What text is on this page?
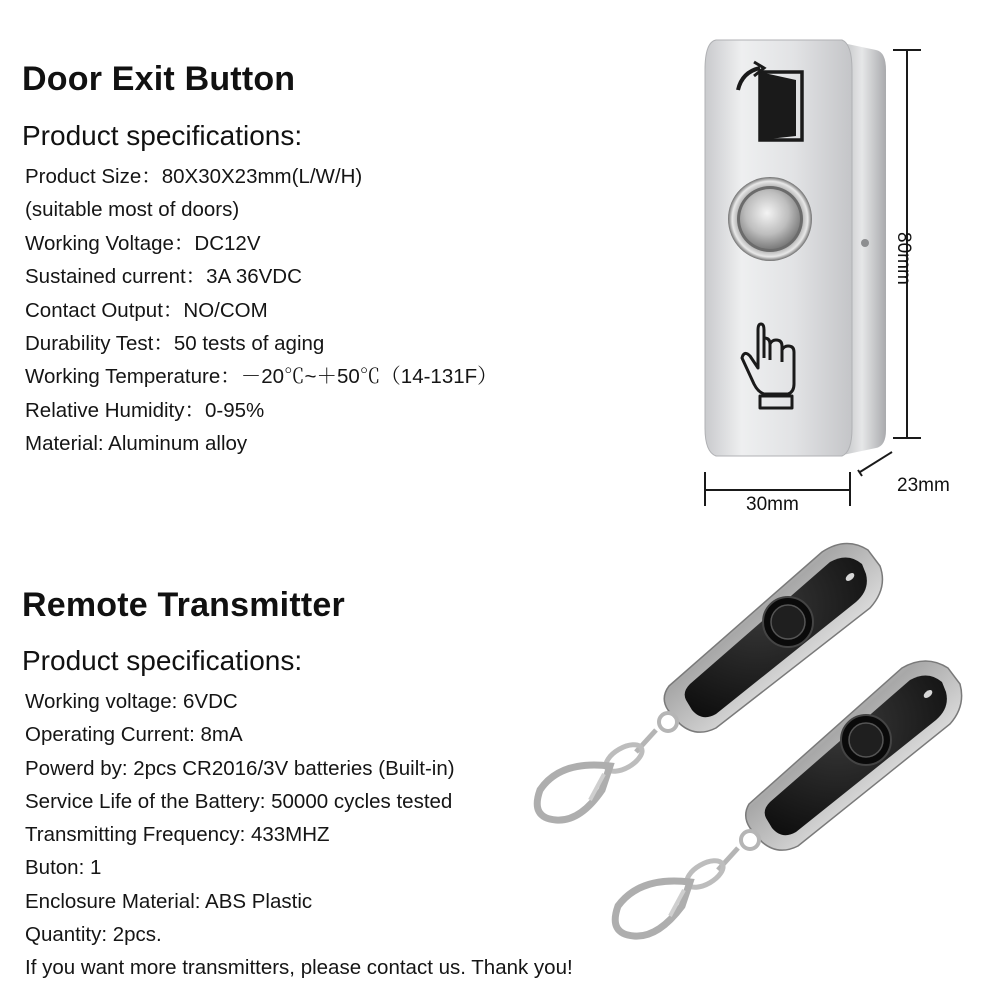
Door Exit Button
Product specifications:
Product Size：80X30X23mm(L/W/H)
(suitable most of doors)
Working Voltage：DC12V
Sustained current：3A 36VDC
Contact Output：NO/COM
Durability Test：50 tests of aging
Working Temperature：－20℃~＋50℃（14-131F）
Relative Humidity：0-95%
Material: Aluminum alloy
80mm
30mm
23mm
Remote Transmitter
Product specifications:
Working voltage: 6VDC
Operating Current: 8mA
Powerd by: 2pcs CR2016/3V batteries (Built-in)
Service Life of the Battery: 50000 cycles tested
Transmitting Frequency: 433MHZ
Buton: 1
Enclosure Material: ABS Plastic
Quantity: 2pcs.
If you want more transmitters, please contact us. Thank you!
